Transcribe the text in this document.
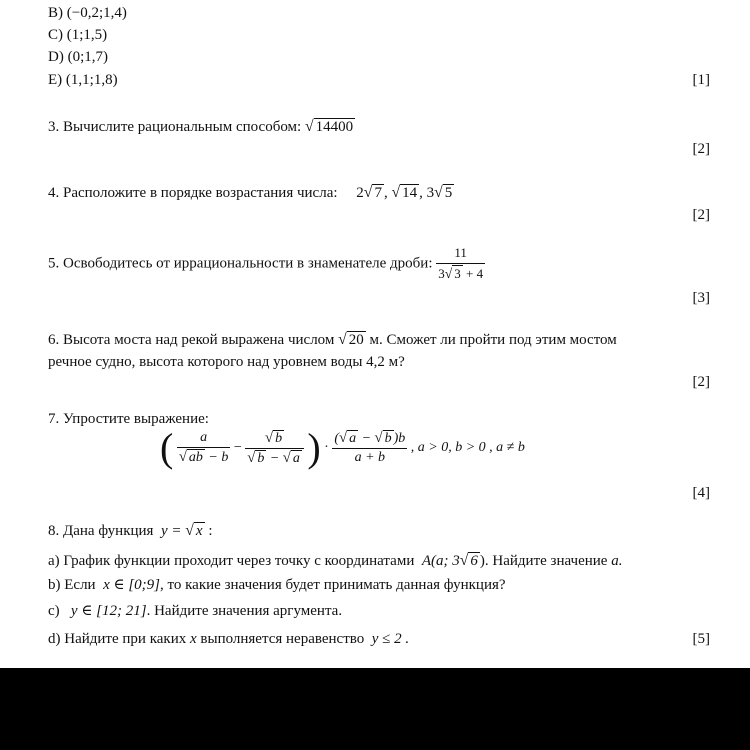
B) (−0,2;1,4)
C) (1;1,5)
D) (0;1,7)
E) (1,1;1,8)	[1]
3. Вычислите рациональным способом: √ 14400
[2]
4. Расположите в порядке возрастания числа: 2√ 7 , √ 14 , 3√ 5
[2]
5. Освободитесь от иррациональности в знаменателе дроби: $\frac{11}{3√ 3 + 4}$
[3]
6. Высота моста над рекой выражена числом √ 20 м. Сможет ли пройти под этим мостом
речное судно, высота которого над уровнем воды 4,2 м?
[2]
7. Упростите выражение:
( $\frac{a}{√ ab - b} - \frac{√ b}{√ b - √ a}$ ) · $\frac{(√ a - √ b )b}{a + b}$ , a > 0, b > 0 , a ≠ b
[4]
8. Дана функция y = √ x :
a) График функции проходит через точку с координатами A(a; 3√ 6 ). Найдите значение a.
b) Если x ∈ [0;9], то какие значения будет принимать данная функция?
c) y ∈ [12; 21]. Найдите значения аргумента.
d) Найдите при каких x выполняется неравенство y ≤ 2 .	[5]
